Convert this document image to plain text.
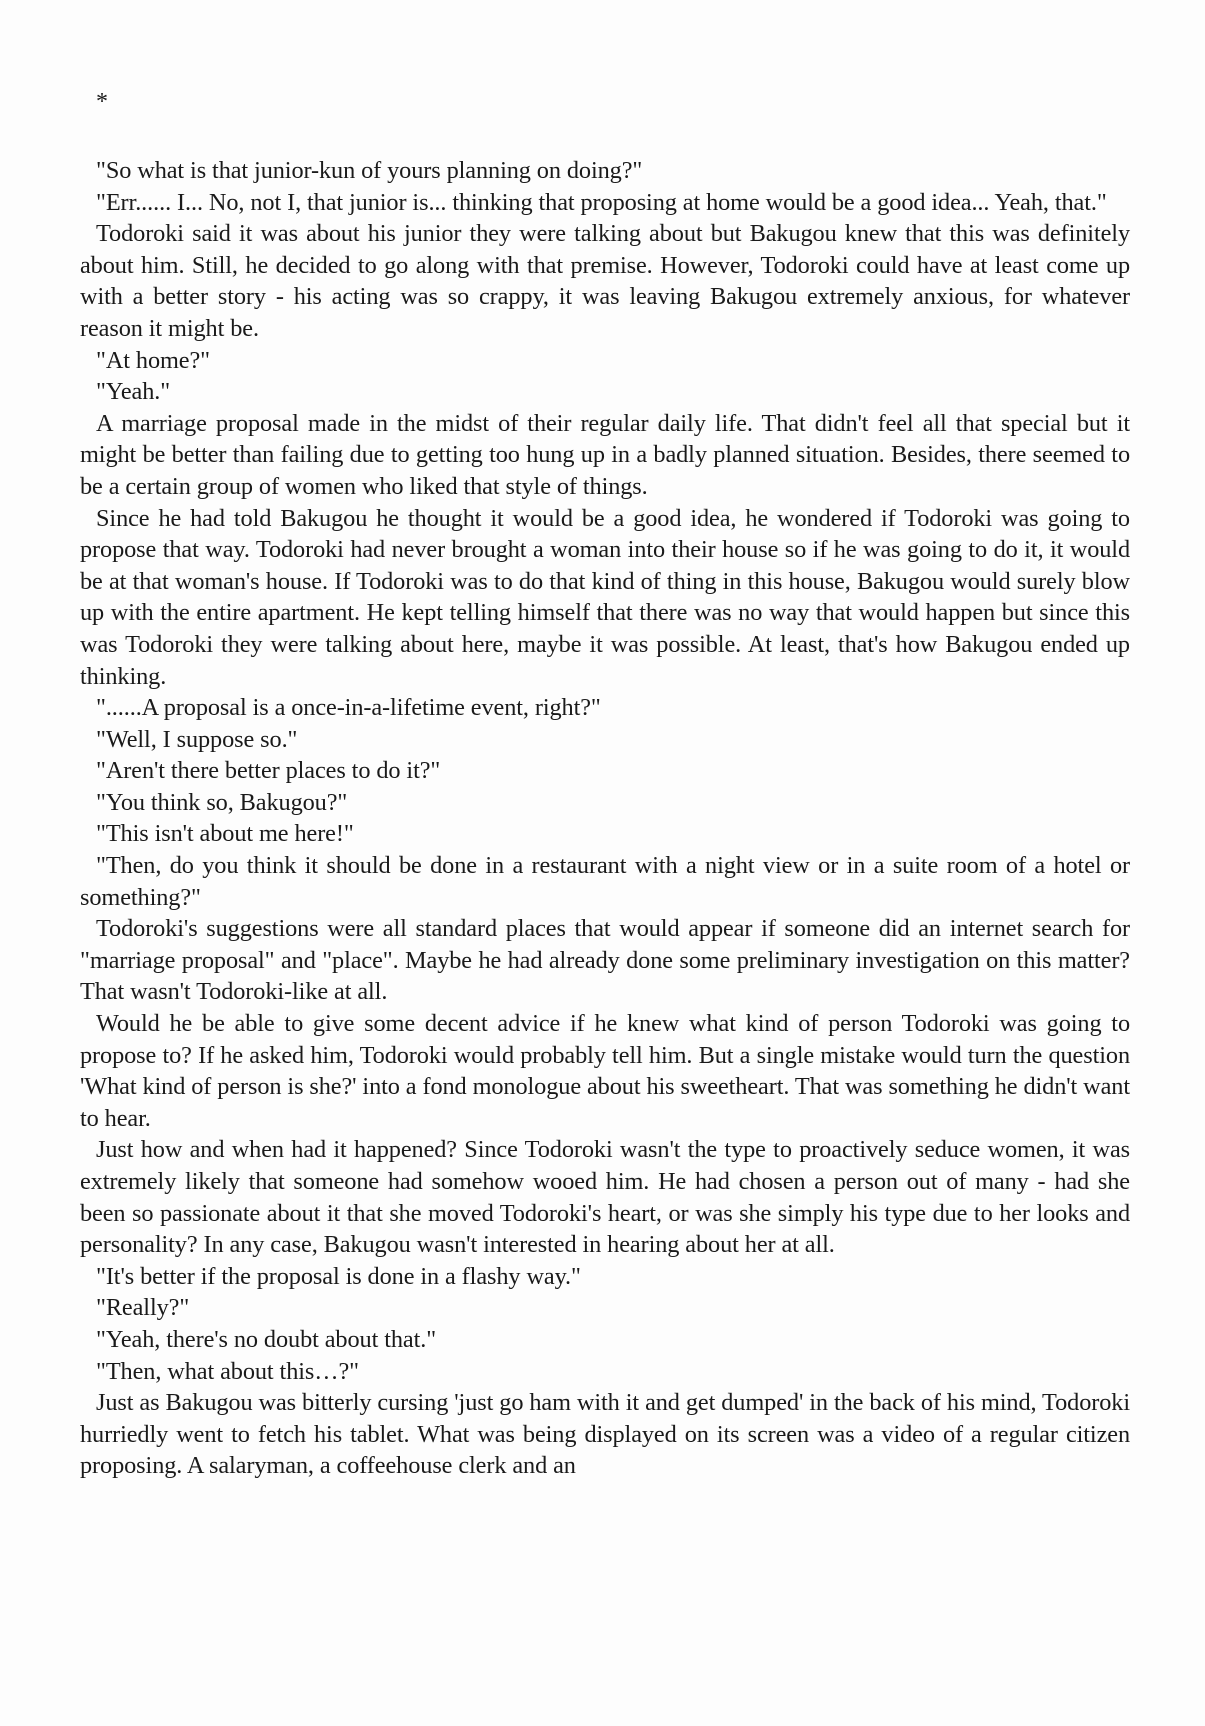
*

"So what is that junior-kun of yours planning on doing?"

"Err...... I... No, not I, that junior is... thinking that proposing at home would be a good idea... Yeah, that."

Todoroki said it was about his junior they were talking about but Bakugou knew that this was definitely about him. Still, he decided to go along with that premise. However, Todoroki could have at least come up with a better story - his acting was so crappy, it was leaving Bakugou extremely anxious, for whatever reason it might be.

"At home?"

"Yeah."

A marriage proposal made in the midst of their regular daily life. That didn't feel all that special but it might be better than failing due to getting too hung up in a badly planned situation. Besides, there seemed to be a certain group of women who liked that style of things.

Since he had told Bakugou he thought it would be a good idea, he wondered if Todoroki was going to propose that way. Todoroki had never brought a woman into their house so if he was going to do it, it would be at that woman's house. If Todoroki was to do that kind of thing in this house, Bakugou would surely blow up with the entire apartment. He kept telling himself that there was no way that would happen but since this was Todoroki they were talking about here, maybe it was possible. At least, that's how Bakugou ended up thinking.

"......A proposal is a once-in-a-lifetime event, right?"

"Well, I suppose so."

"Aren't there better places to do it?"

"You think so, Bakugou?"

"This isn't about me here!"

"Then, do you think it should be done in a restaurant with a night view or in a suite room of a hotel or something?"

Todoroki's suggestions were all standard places that would appear if someone did an internet search for "marriage proposal" and "place". Maybe he had already done some preliminary investigation on this matter? That wasn't Todoroki-like at all.

Would he be able to give some decent advice if he knew what kind of person Todoroki was going to propose to? If he asked him, Todoroki would probably tell him. But a single mistake would turn the question 'What kind of person is she?' into a fond monologue about his sweetheart. That was something he didn't want to hear.

Just how and when had it happened? Since Todoroki wasn't the type to proactively seduce women, it was extremely likely that someone had somehow wooed him. He had chosen a person out of many - had she been so passionate about it that she moved Todoroki's heart, or was she simply his type due to her looks and personality? In any case, Bakugou wasn't interested in hearing about her at all.

"It's better if the proposal is done in a flashy way."

"Really?"

"Yeah, there's no doubt about that."

"Then, what about this…?"

Just as Bakugou was bitterly cursing 'just go ham with it and get dumped' in the back of his mind, Todoroki hurriedly went to fetch his tablet. What was being displayed on its screen was a video of a regular citizen proposing. A salaryman, a coffeehouse clerk and an
